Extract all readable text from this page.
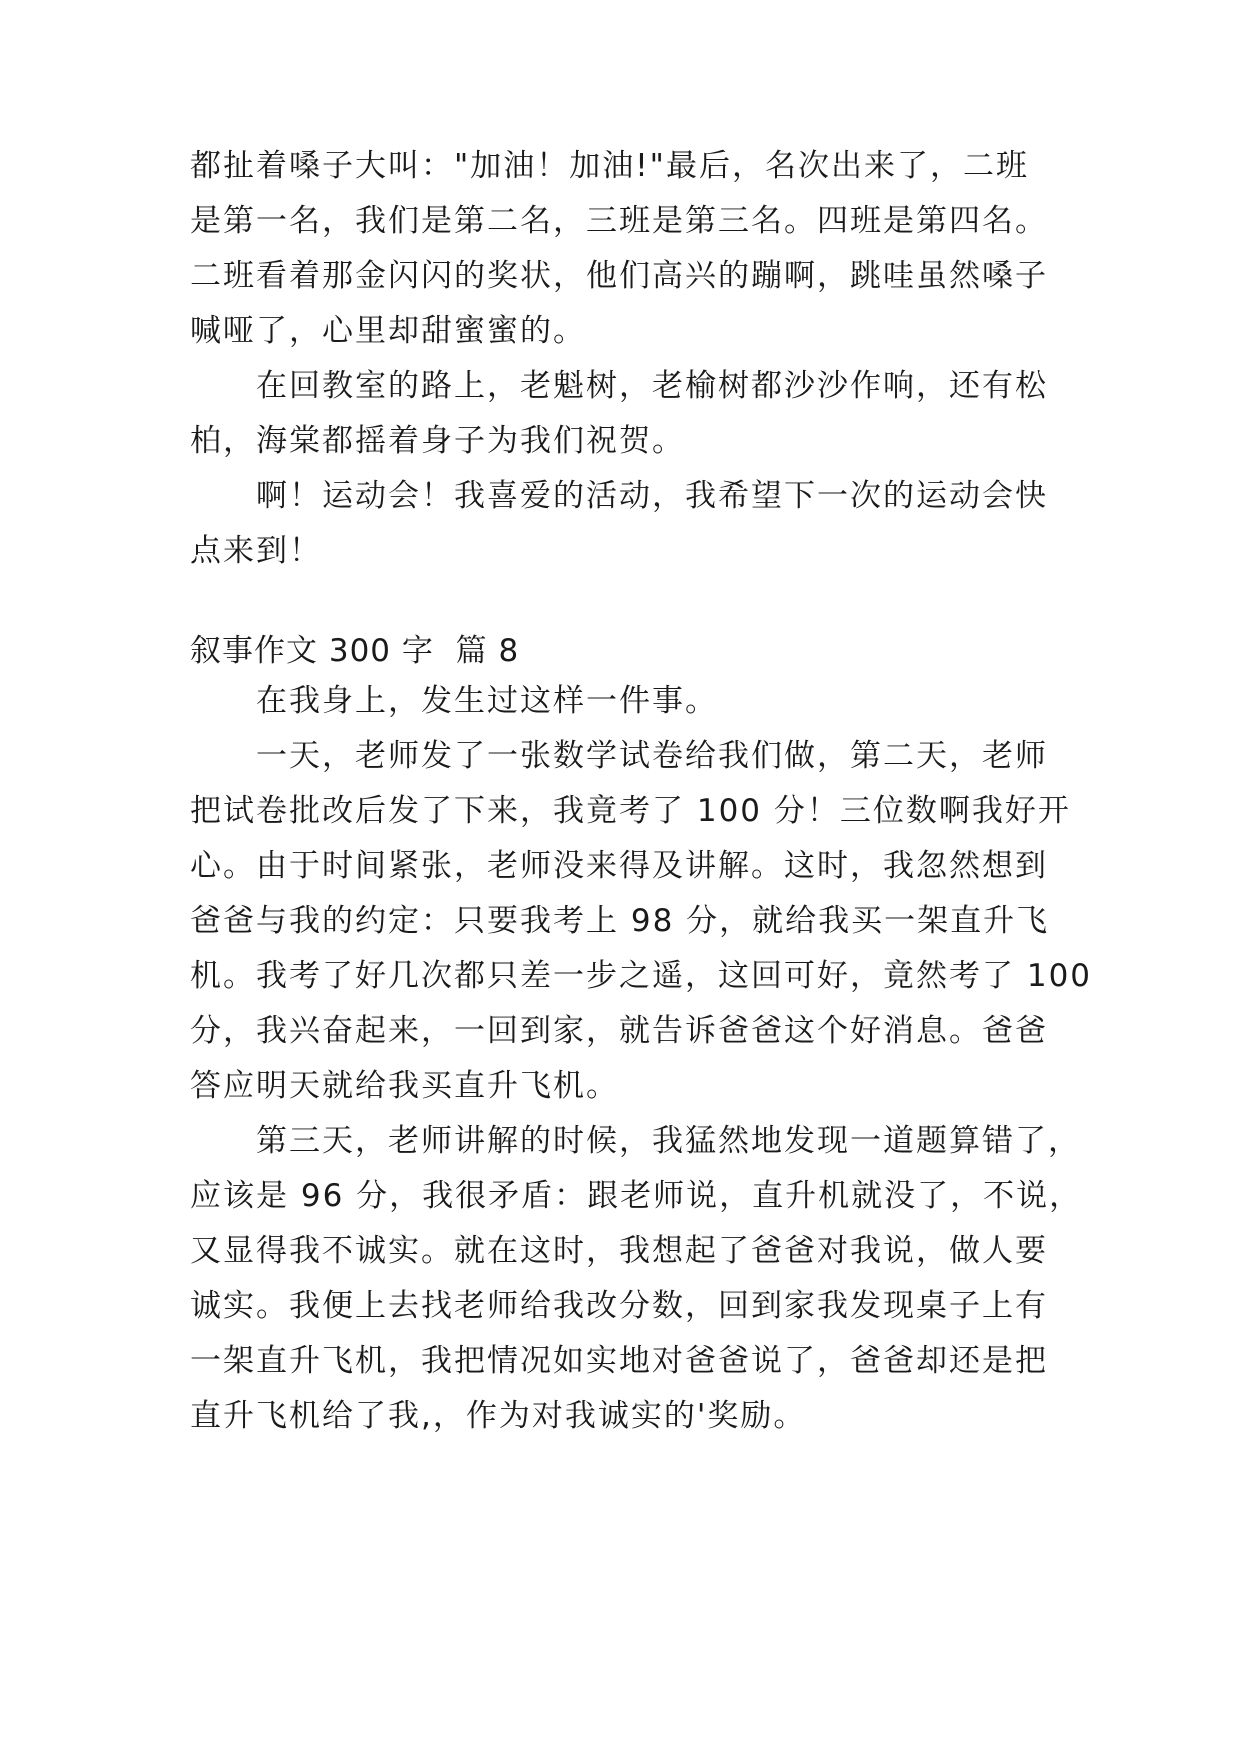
都扯着嗓子大叫："加油！加油!"最后，名次出来了，二班

是第一名，我们是第二名，三班是第三名。四班是第四名。

二班看着那金闪闪的奖状，他们高兴的蹦啊，跳哇虽然嗓子

喊哑了，心里却甜蜜蜜的。

在回教室的路上，老魁树，老榆树都沙沙作响，还有松

柏，海棠都摇着身子为我们祝贺。

啊！运动会！我喜爱的活动，我希望下一次的运动会快

点来到！

叙事作文 300 字  篇 8

在我身上，发生过这样一件事。

一天，老师发了一张数学试卷给我们做，第二天，老师

把试卷批改后发了下来，我竟考了 100 分！三位数啊我好开

心。由于时间紧张，老师没来得及讲解。这时，我忽然想到

爸爸与我的约定：只要我考上 98 分，就给我买一架直升飞

机。我考了好几次都只差一步之遥，这回可好，竟然考了 100

分，我兴奋起来，一回到家，就告诉爸爸这个好消息。爸爸

答应明天就给我买直升飞机。

第三天，老师讲解的时候，我猛然地发现一道题算错了，

应该是 96 分，我很矛盾：跟老师说，直升机就没了，不说，

又显得我不诚实。就在这时，我想起了爸爸对我说，做人要

诚实。我便上去找老师给我改分数，回到家我发现桌子上有

一架直升飞机，我把情况如实地对爸爸说了，爸爸却还是把

直升飞机给了我,，作为对我诚实的'奖励。
